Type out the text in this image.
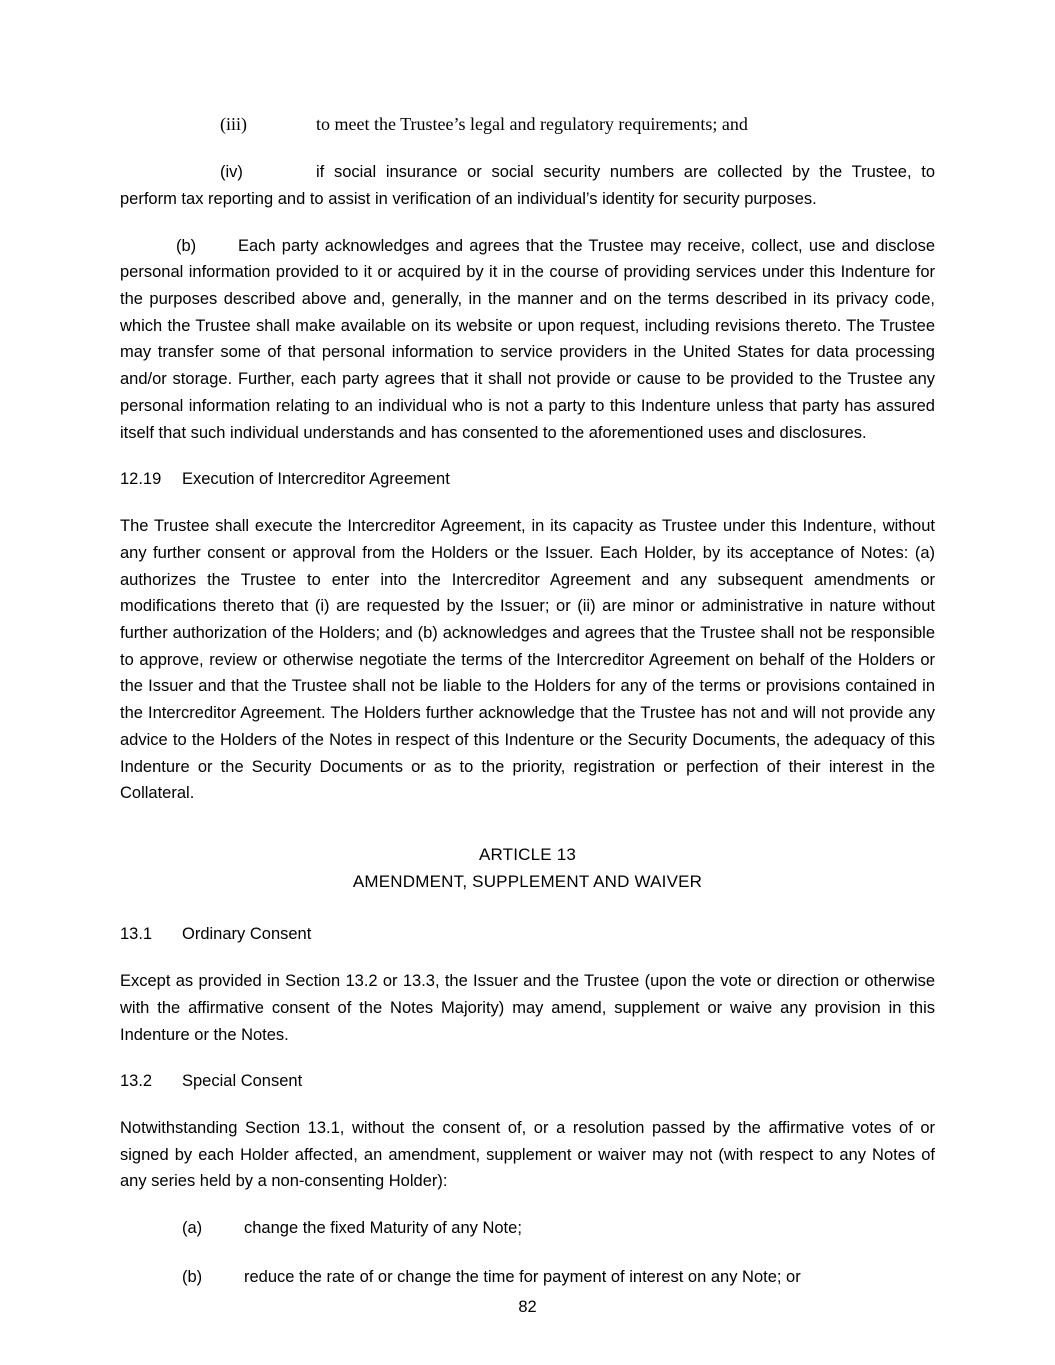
(iii)	to meet the Trustee’s legal and regulatory requirements; and

(iv)	if social insurance or social security numbers are collected by the Trustee, to perform tax reporting and to assist in verification of an individual’s identity for security purposes.

(b)	Each party acknowledges and agrees that the Trustee may receive, collect, use and disclose personal information provided to it or acquired by it in the course of providing services under this Indenture for the purposes described above and, generally, in the manner and on the terms described in its privacy code, which the Trustee shall make available on its website or upon request, including revisions thereto. The Trustee may transfer some of that personal information to service providers in the United States for data processing and/or storage. Further, each party agrees that it shall not provide or cause to be provided to the Trustee any personal information relating to an individual who is not a party to this Indenture unless that party has assured itself that such individual understands and has consented to the aforementioned uses and disclosures.

12.19 Execution of Intercreditor Agreement

The Trustee shall execute the Intercreditor Agreement, in its capacity as Trustee under this Indenture, without any further consent or approval from the Holders or the Issuer. Each Holder, by its acceptance of Notes: (a) authorizes the Trustee to enter into the Intercreditor Agreement and any subsequent amendments or modifications thereto that (i) are requested by the Issuer; or (ii) are minor or administrative in nature without further authorization of the Holders; and (b) acknowledges and agrees that the Trustee shall not be responsible to approve, review or otherwise negotiate the terms of the Intercreditor Agreement on behalf of the Holders or the Issuer and that the Trustee shall not be liable to the Holders for any of the terms or provisions contained in the Intercreditor Agreement. The Holders further acknowledge that the Trustee has not and will not provide any advice to the Holders of the Notes in respect of this Indenture or the Security Documents, the adequacy of this Indenture or the Security Documents or as to the priority, registration or perfection of their interest in the Collateral.

ARTICLE 13
AMENDMENT, SUPPLEMENT AND WAIVER

13.1 Ordinary Consent

Except as provided in Section 13.2 or 13.3, the Issuer and the Trustee (upon the vote or direction or otherwise with the affirmative consent of the Notes Majority) may amend, supplement or waive any provision in this Indenture or the Notes.

13.2 Special Consent

Notwithstanding Section 13.1, without the consent of, or a resolution passed by the affirmative votes of or signed by each Holder affected, an amendment, supplement or waiver may not (with respect to any Notes of any series held by a non-consenting Holder):

(a)	change the fixed Maturity of any Note;

(b)	reduce the rate of or change the time for payment of interest on any Note; or

82
